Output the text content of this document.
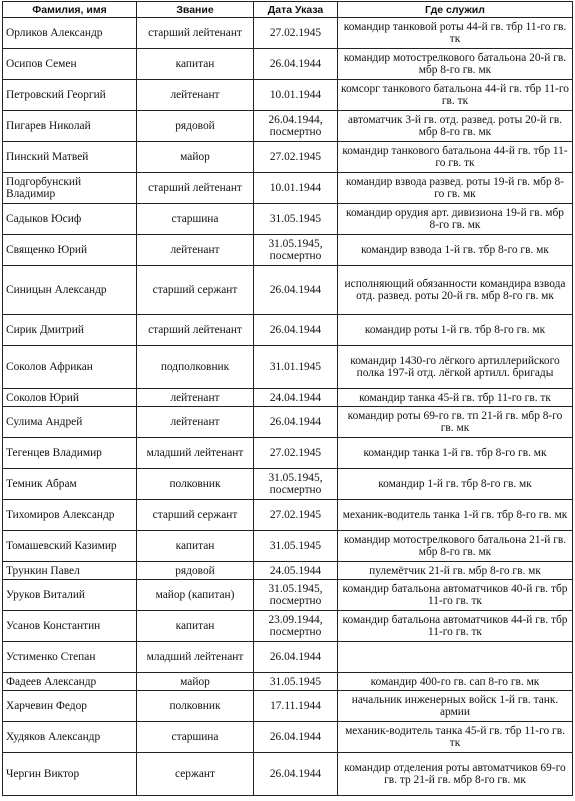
Фамилия, имя	Звание	Дата Указа	Где служил
Орликов Александр	старший лейтенант	27.02.1945	командир танковой роты 44-й гв. тбр 11-го гв. тк
Осипов Семен	капитан	26.04.1944	командир мотострелкового батальона 20-й гв. мбр 8-го гв. мк
Петровский Георгий	лейтенант	10.01.1944	комсорг танкового батальона 44-й гв. тбр 11-го гв. тк
Пигарев Николай	рядовой	26.04.1944, посмертно	автоматчик 3-й гв. отд. развед. роты 20-й гв. мбр 8-го гв. мк
Пинский Матвей	майор	27.02.1945	командир танкового батальона 44-й гв. тбр 11-го гв. тк
Подгорбунский Владимир	старший лейтенант	10.01.1944	командир взвода развед. роты 19-й гв. мбр 8-го гв. мк
Садыков Юсиф	старшина	31.05.1945	командир орудия арт. дивизиона 19-й гв. мбр 8-го гв. мк
Священко Юрий	лейтенант	31.05.1945, посмертно	командир взвода 1-й гв. тбр 8-го гв. мк
Синицын Александр	старший сержант	26.04.1944	исполняющий обязанности командира взвода отд. развед. роты 20-й гв. мбр 8-го гв. мк
Сирик Дмитрий	старший лейтенант	26.04.1944	командир роты 1-й гв. тбр 8-го гв. мк
Соколов Африкан	подполковник	31.01.1945	командир 1430-го лёгкого артиллерийского полка 197-й отд. лёгкой артилл. бригады
Соколов Юрий	лейтенант	24.04.1944	командир танка 45-й гв. тбр 11-го гв. тк
Сулима Андрей	лейтенант	26.04.1944	командир роты 69-го гв. тп 21-й гв. мбр 8-го гв. мк
Тегенцев Владимир	младший лейтенант	27.02.1945	командир танка 1-й гв. тбр 8-го гв. мк
Темник Абрам	полковник	31.05.1945, посмертно	командир 1-й гв. тбр 8-го гв. мк
Тихомиров Александр	старший сержант	27.02.1945	механик-водитель танка 1-й гв. тбр 8-го гв. мк
Томашевский Казимир	капитан	31.05.1945	командир мотострелкового батальона 21-й гв. мбр 8-го гв. мк
Трункин Павел	рядовой	24.05.1944	пулемётчик 21-й гв. мбр 8-го гв. мк
Уруков Виталий	майор (капитан)	31.05.1945, посмертно	командир батальона автоматчиков 40-й гв. тбр 11-го гв. тк
Усанов Константин	капитан	23.09.1944, посмертно	командир батальона автоматчиков 44-й гв. тбр 11-го гв. тк
Устименко Степан	младший лейтенант	26.04.1944	
Фадеев Александр	майор	31.05.1945	командир 400-го гв. сап 8-го гв. мк
Харчевин Федор	полковник	17.11.1944	начальник инженерных войск 1-й гв. танк. армии
Худяков Александр	старшина	26.04.1944	механик-водитель танка 45-й гв. тбр 11-го гв. тк
Чергин Виктор	сержант	26.04.1944	командир отделения роты автоматчиков 69-го гв. тр 21-й гв. мбр 8-го гв. мк
